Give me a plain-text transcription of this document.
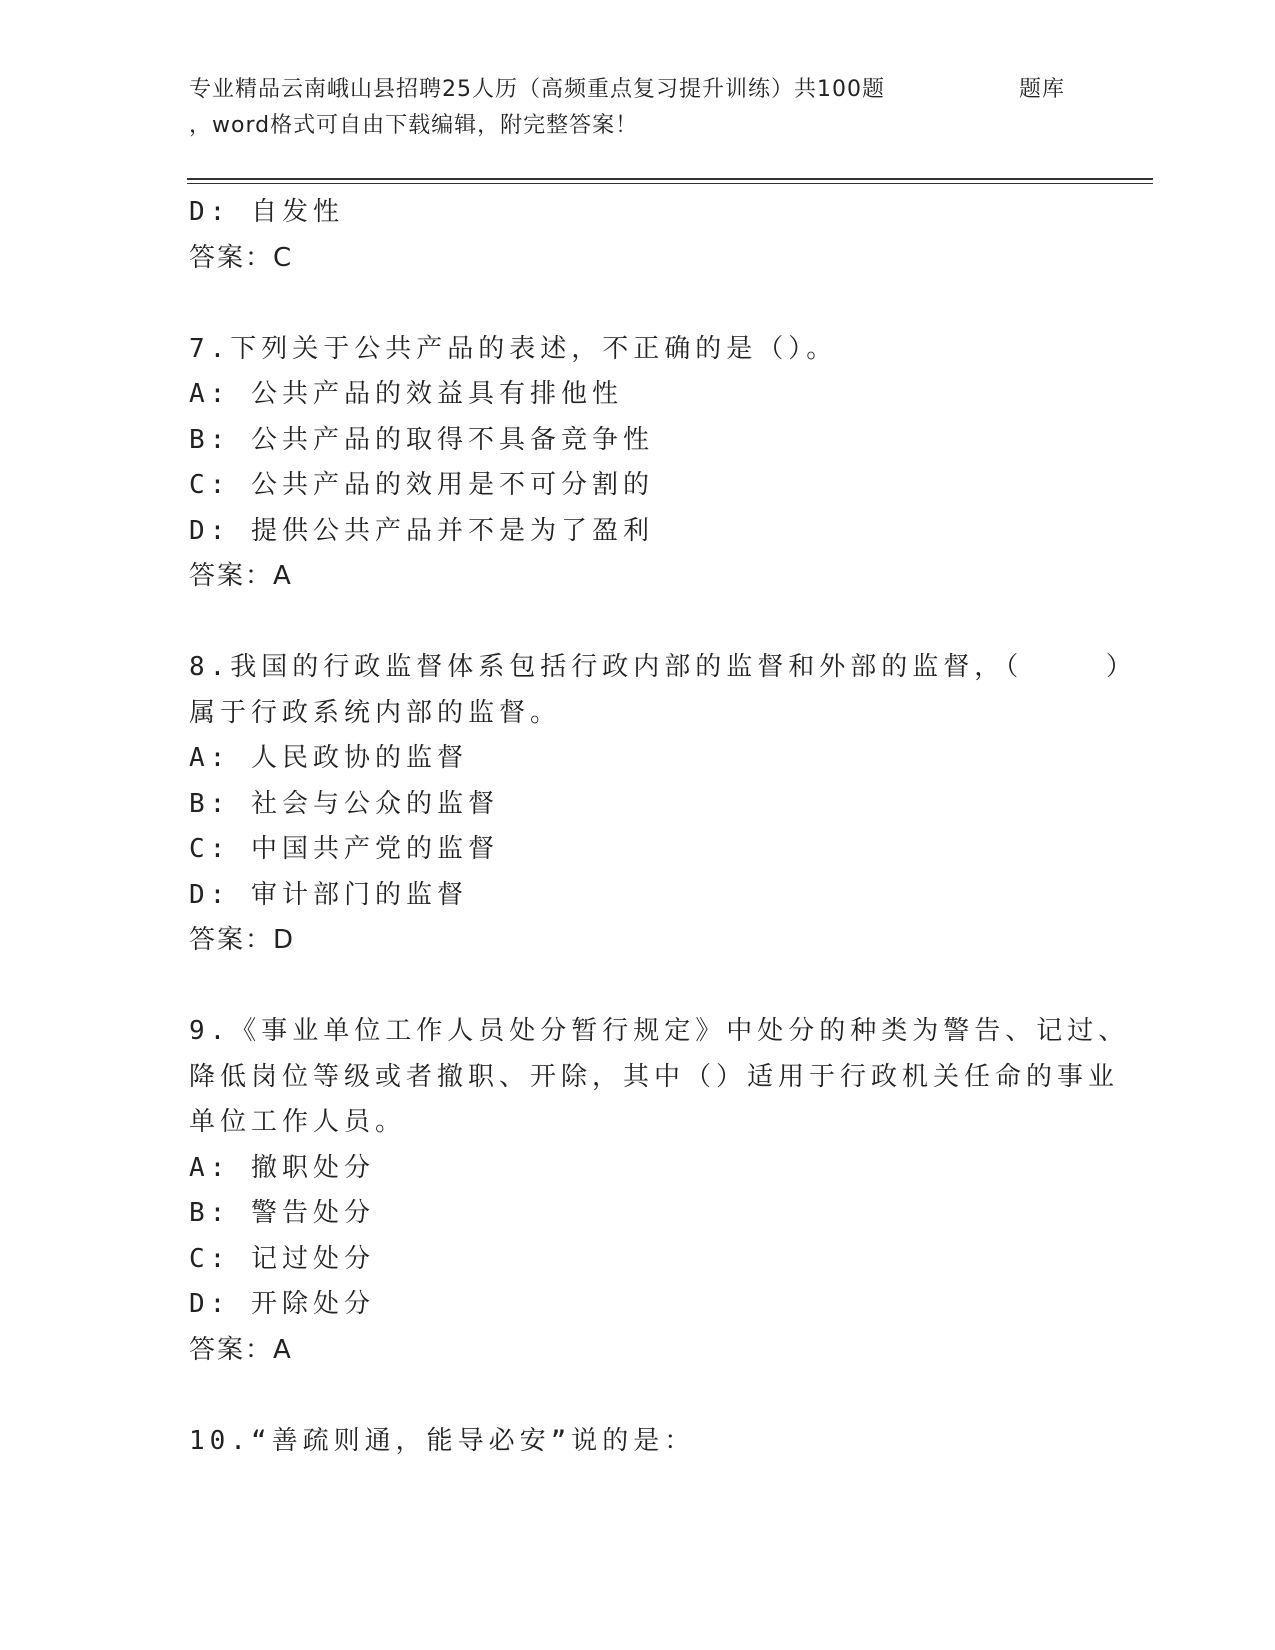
专业精品云南峨山县招聘25人历（高频重点复习提升训练）共100题
，word格式可自由下载编辑，附完整答案！
题库

D: 自发性

答案：C

7.下列关于公共产品的表述，不正确的是（）。

A: 公共产品的效益具有排他性

B: 公共产品的取得不具备竞争性

C: 公共产品的效用是不可分割的

D: 提供公共产品并不是为了盈利

答案：A

8.我国的行政监督体系包括行政内部的监督和外部的监督，（    ）

属于行政系统内部的监督。

A: 人民政协的监督

B: 社会与公众的监督

C: 中国共产党的监督

D: 审计部门的监督

答案：D

9.《事业单位工作人员处分暂行规定》中处分的种类为警告、记过、

降低岗位等级或者撤职、开除，其中（）适用于行政机关任命的事业

单位工作人员。

A: 撤职处分

B: 警告处分

C: 记过处分

D: 开除处分

答案：A

10.“善疏则通，能导必安”说的是：
